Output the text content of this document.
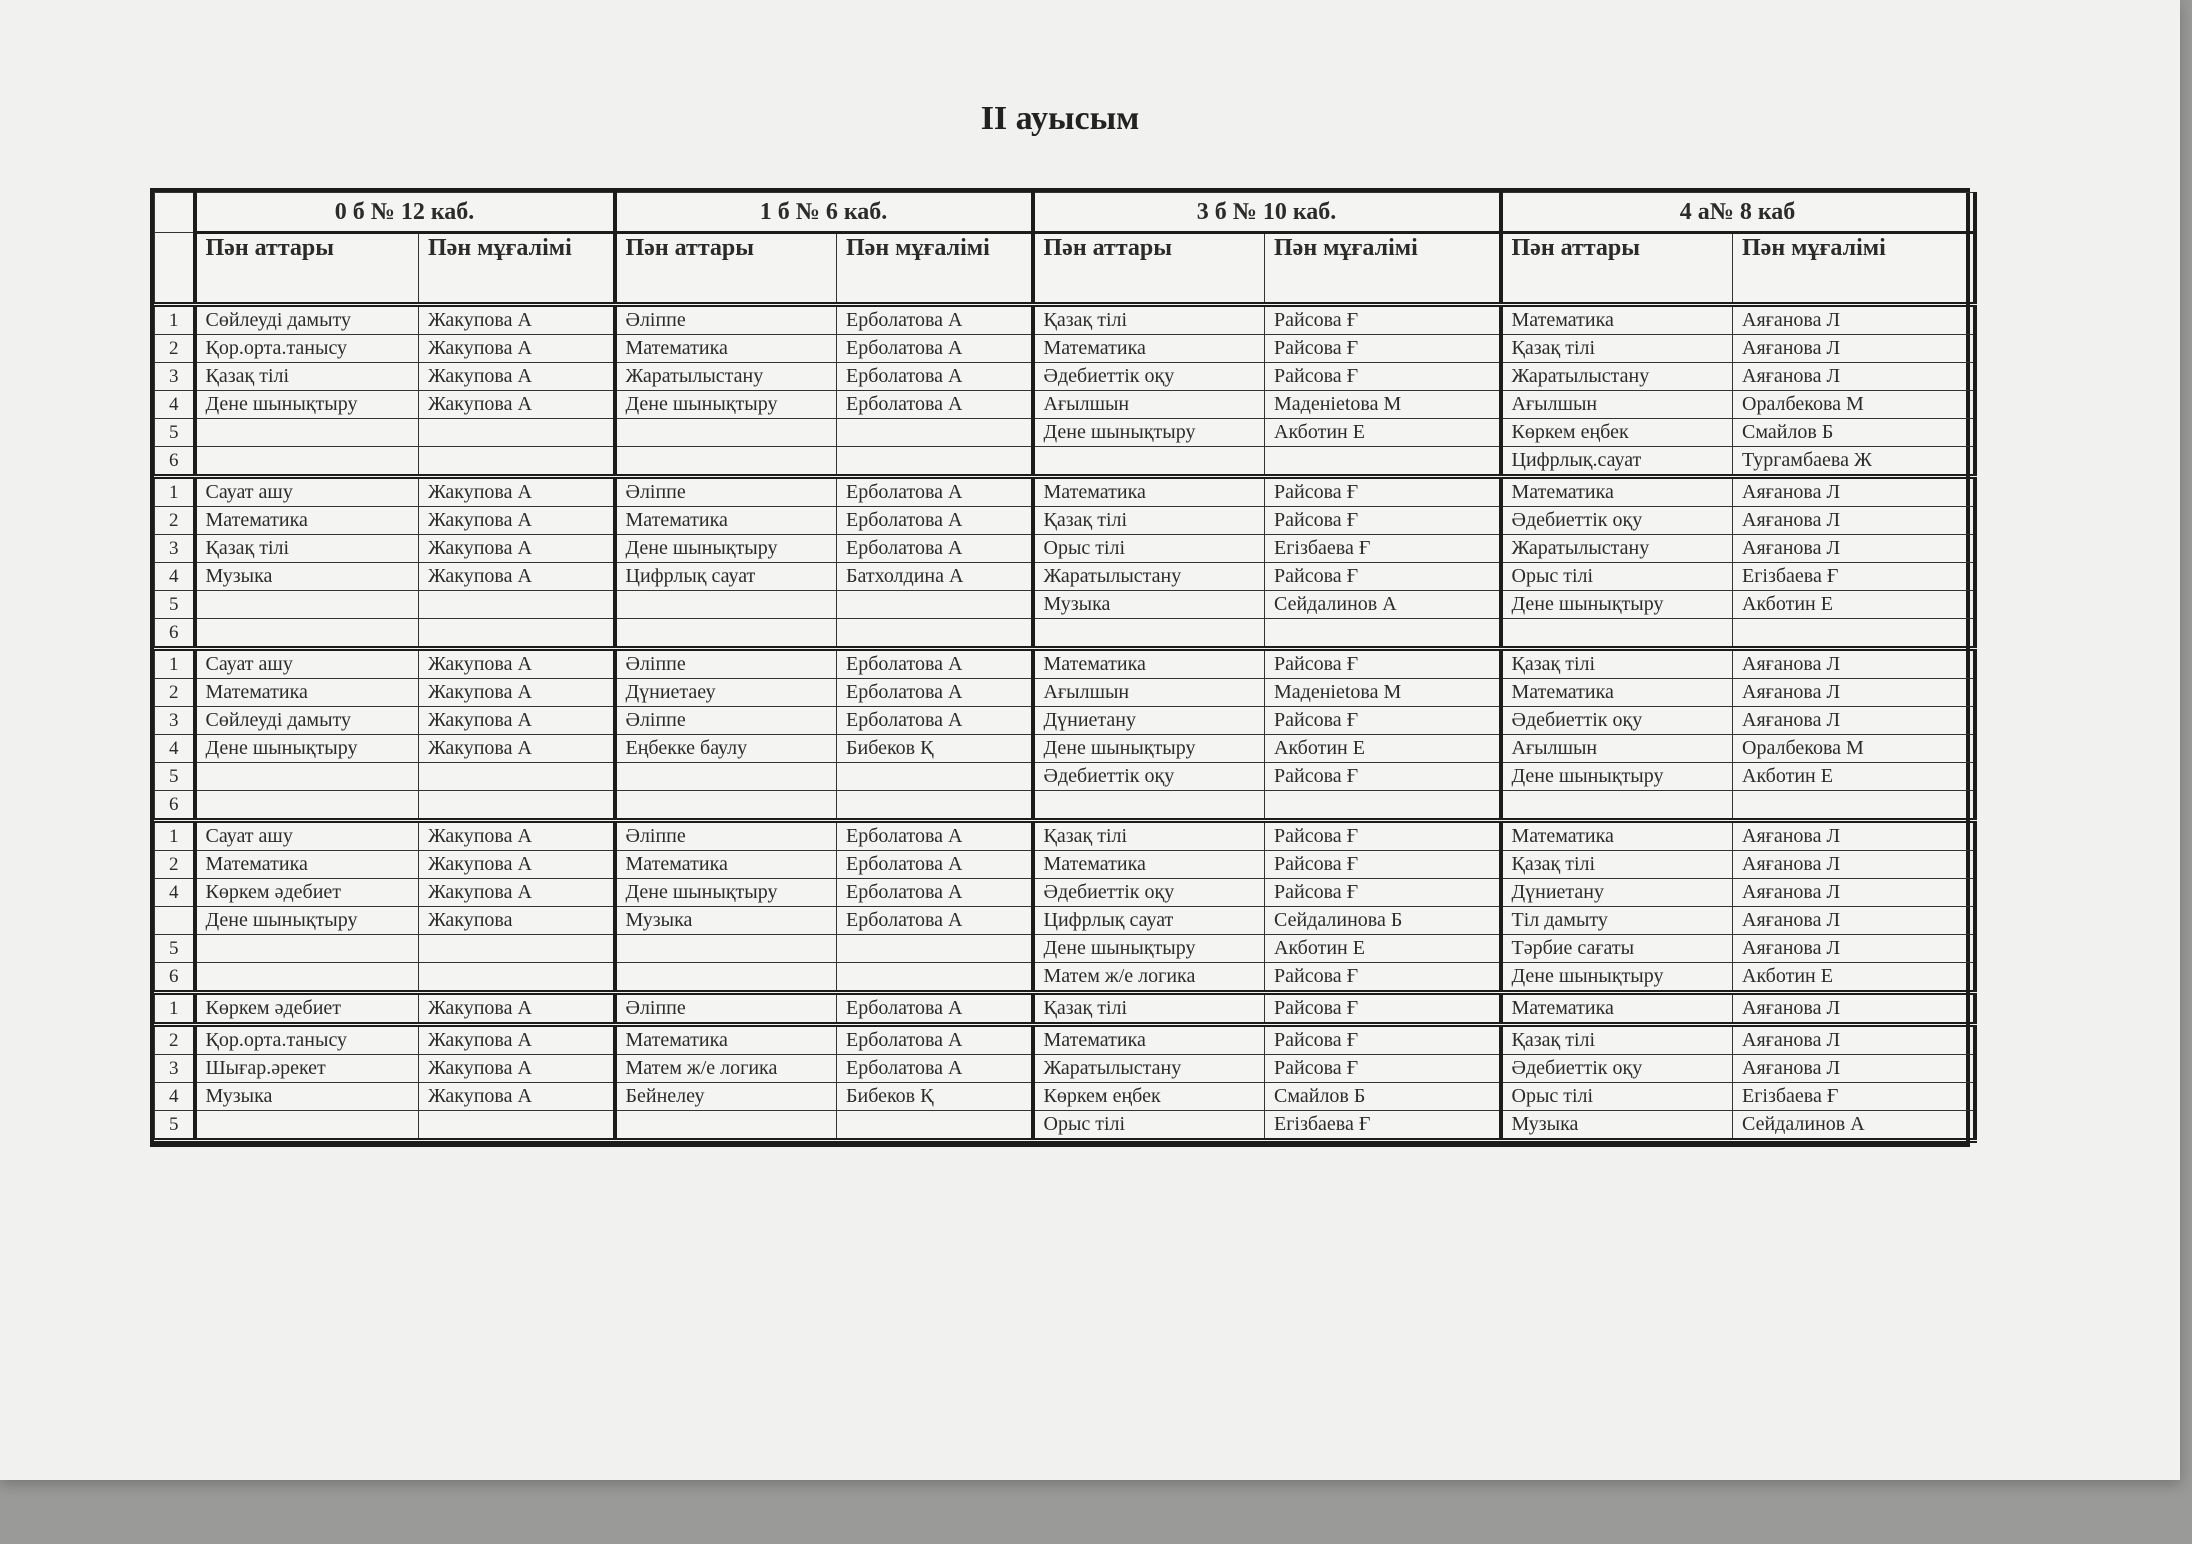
II ауысым
	0 б № 12 каб.		1 б № 6 каб.		3 б № 10 каб.		4 а№ 8 каб	
	Пән аттары	Пән мұғалімі	Пән аттары	Пән мұғалімі	Пән аттары	Пән мұғалімі	Пән аттары	Пән мұғалімі
1	Сөйлеуді дамыту	Жакупова А	Әліппе	Ерболатова А	Қазақ тілі	Райсова Ғ	Математика	Аяғанова Л
2	Қор.орта.танысу	Жакупова А	Математика	Ерболатова А	Математика	Райсова Ғ	Қазақ тілі	Аяғанова Л
3	Қазақ тілі	Жакупова А	Жаратылыстану	Ерболатова А	Әдебиеттік оқу	Райсова Ғ	Жаратылыстану	Аяғанова Л
4	Дене шынықтыру	Жакупова А	Дене шынықтыру	Ерболатова А	Ағылшын	Маденietова М	Ағылшын	Оралбекова М
5					Дене шынықтыру	Акботин Е	Көркем еңбек	Смайлов Б
6							Цифрлық.сауат	Тургамбаева Ж
1	Сауат ашу	Жакупова А	Әліппе	Ерболатова А	Математика	Райсова Ғ	Математика	Аяғанова Л
2	Математика	Жакупова А	Математика	Ерболатова А	Қазақ тілі	Райсова Ғ	Әдебиеттік оқу	Аяғанова Л
3	Қазақ тілі	Жакупова А	Дене шынықтыру	Ерболатова А	Орыс тілі	Егізбаева Ғ	Жаратылыстану	Аяғанова Л
4	Музыка	Жакупова А	Цифрлық сауат	Батхолдина А	Жаратылыстану	Райсова Ғ	Орыс тілі	Егізбаева Ғ
5					Музыка	Сейдалинов А	Дене шынықтыру	Акботин Е
6								
1	Сауат ашу	Жакупова А	Әліппе	Ерболатова А	Математика	Райсова Ғ	Қазақ тілі	Аяғанова Л
2	Математика	Жакупова А	Дүниетаеу	Ерболатова А	Ағылшын	Маденietова М	Математика	Аяғанова Л
3	Сөйлеуді дамыту	Жакупова А	Әліппе	Ерболатова А	Дүниетану	Райсова Ғ	Әдебиеттік оқу	Аяғанова Л
4	Дене шынықтыру	Жакупова А	Еңбекке баулу	Бибеков Қ	Дене шынықтыру	Акботин Е	Ағылшын	Оралбекова М
5					Әдебиеттік оқу	Райсова Ғ	Дене шынықтыру	Акботин Е
6								
1	Сауат ашу	Жакупова А	Әліппе	Ерболатова А	Қазақ тілі	Райсова Ғ	Математика	Аяғанова Л
2	Математика	Жакупова А	Математика	Ерболатова А	Математика	Райсова Ғ	Қазақ тілі	Аяғанова Л
4	Көркем әдебиет	Жакупова А	Дене шынықтыру	Ерболатова А	Әдебиеттік оқу	Райсова Ғ	Дүниетану	Аяғанова Л
	Дене шынықтыру	Жакупова	Музыка	Ерболатова А	Цифрлық сауат	Сейдалинова Б	Тіл дамыту	Аяғанова Л
5					Дене шынықтыру	Акботин Е	Тәрбие сағаты	Аяғанова Л
6					Матем ж/е логика	Райсова Ғ	Дене шынықтыру	Акботин Е
1	Көркем әдебиет	Жакупова А	Әліппе	Ерболатова А	Қазақ тілі	Райсова Ғ	Математика	Аяғанова Л
2	Қор.орта.танысу	Жакупова А	Математика	Ерболатова А	Математика	Райсова Ғ	Қазақ тілі	Аяғанова Л
3	Шығар.әрекет	Жакупова А	Матем ж/е логика	Ерболатова А	Жаратылыстану	Райсова Ғ	Әдебиеттік оқу	Аяғанова Л
4	Музыка	Жакупова А	Бейнелеу	Бибеков Қ	Көркем еңбек	Смайлов Б	Орыс тілі	Егізбаева Ғ
5					Орыс тілі	Егізбаева Ғ	Музыка	Сейдалинов А
